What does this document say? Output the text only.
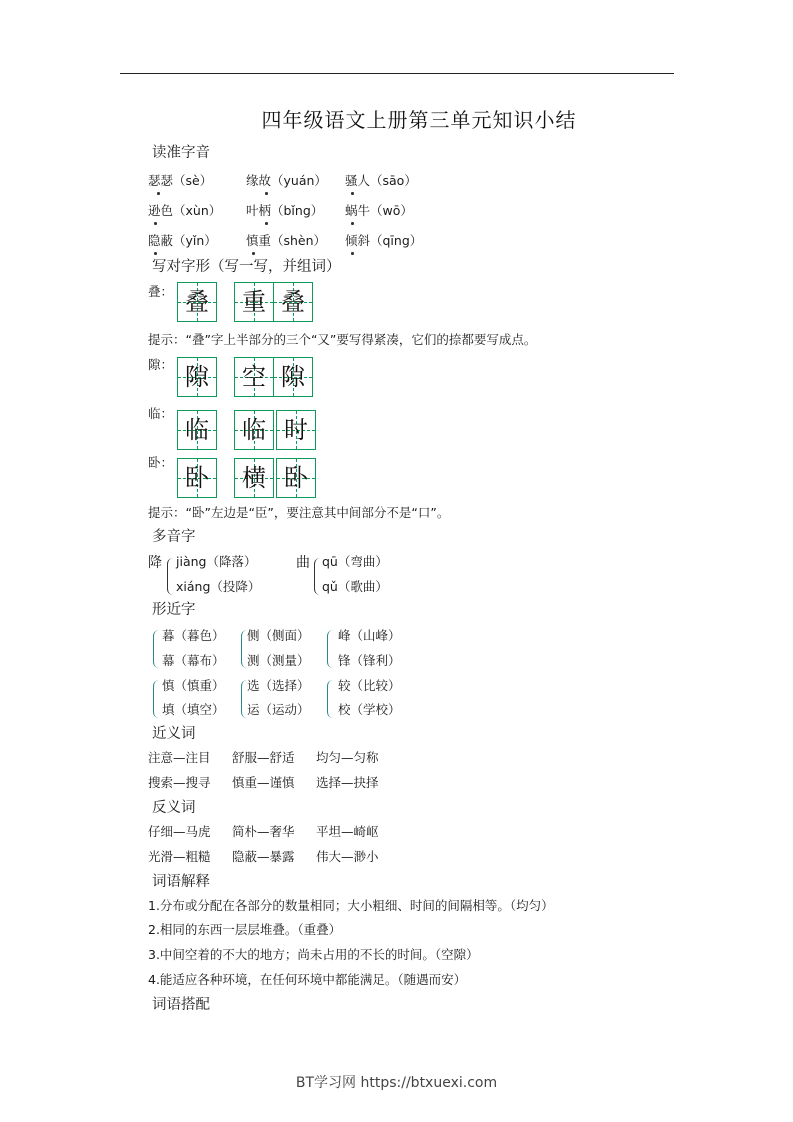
四年级语文上册第三单元知识小结
读准字音
瑟瑟（sè）	缘故（yuán） 骚人（sāo）
逊色（xùn） 叶柄（bǐng） 蜗牛（wō）
隐蔽（yǐn） 慎重（shèn） 倾斜（qīng）
写对字形（写一写，并组词）
叠： 叠 重 叠
提示：“叠”字上半部分的三个“又”要写得紧凑，它们的捺都要写成点。
隙： 隙 空 隙
临：
临 临 时
卧：
卧 横 卧
提示：“卧”左边是“臣”，要注意其中间部分不是“口”。
多音字
降 jiàng（降落）
xiáng（投降）
曲 qū（弯曲）
qǔ（歌曲）
形近字
暮（暮色）
幕（幕布）
侧（侧面）
测（测量）
峰（山峰）
锋（锋利）
慎（慎重）
填（填空）
选（选择）
运（运动）
较（比较）
校（学校）
近义词
注意—注目 舒服—舒适 均匀—匀称
搜索—搜寻 慎重—谨慎 选择—抉择
反义词
仔细—马虎 简朴—奢华 平坦—崎岖
光滑—粗糙 隐蔽—暴露 伟大—渺小
词语解释
1.分布或分配在各部分的数量相同；大小粗细、时间的间隔相等。（均匀）
2.相同的东西一层层堆叠。（重叠）
3.中间空着的不大的地方；尚未占用的不长的时间。（空隙）
4.能适应各种环境，在任何环境中都能满足。（随遇而安）
词语搭配
BT学习网 https://btxuexi.com
